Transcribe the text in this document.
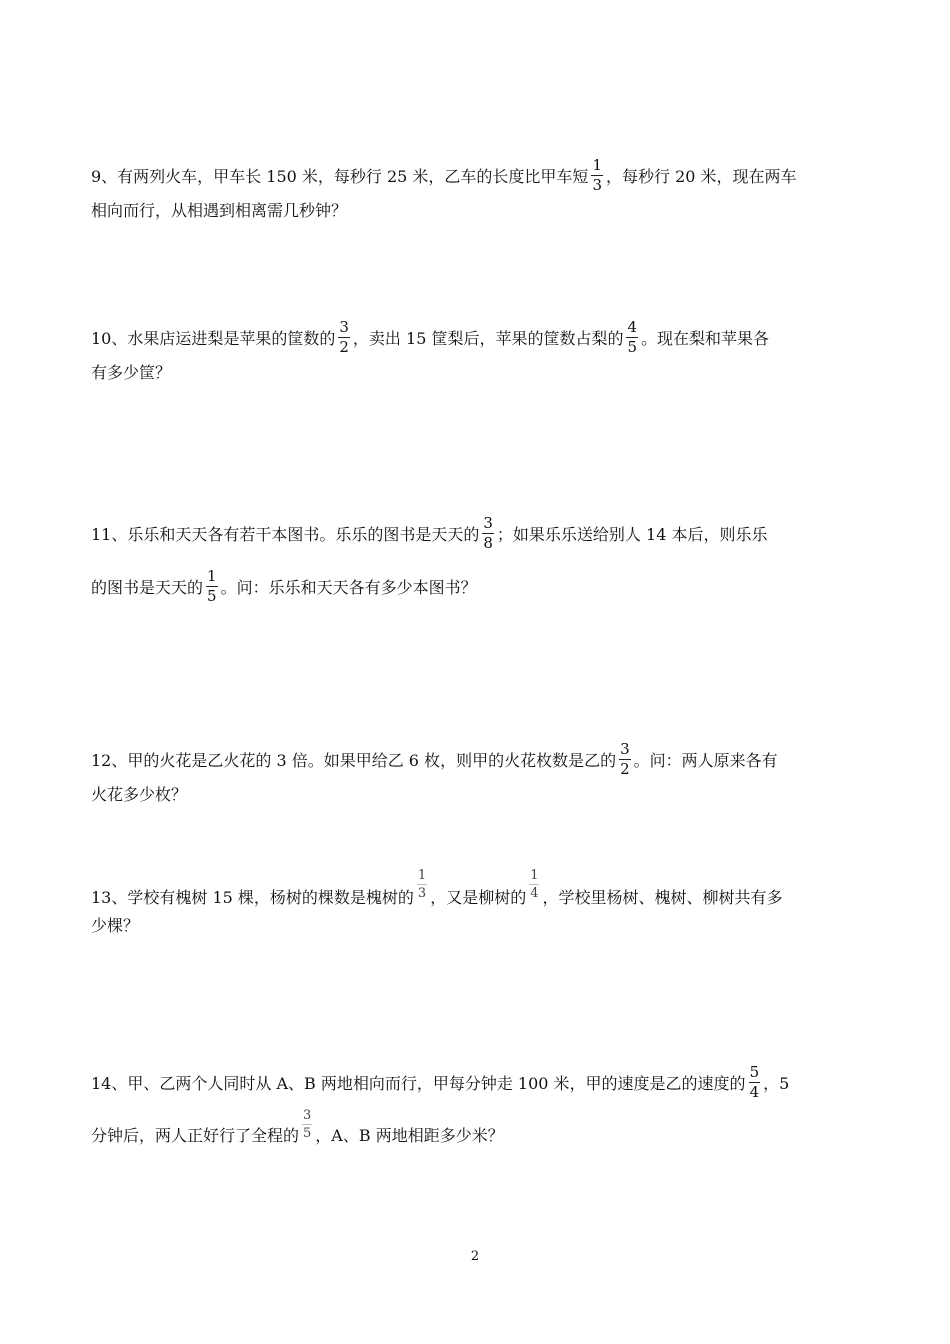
9、有两列火车，甲车长 150 米，每秒行 25 米，乙车的长度比甲车短 $\frac{1}{3}$ ，每秒行 20 米，现在两车
相向而行，从相遇到相离需几秒钟？
10、水果店运进梨是苹果的筐数的 $\frac{3}{2}$ ，卖出 15 筐梨后，苹果的筐数占梨的 $\frac{4}{5}$ 。现在梨和苹果各
有多少筐？
11、乐乐和天天各有若干本图书。乐乐的图书是天天的 $\frac{3}{8}$ ；如果乐乐送给别人 14 本后，则乐乐
的图书是天天的 $\frac{1}{5}$ 。问：乐乐和天天各有多少本图书？
12、甲的火花是乙火花的 3 倍。如果甲给乙 6 枚，则甲的火花枚数是乙的 $\frac{3}{2}$ 。问：两人原来各有
火花多少枚？
13、学校有槐树 15 棵，杨树的棵数是槐树的 $\frac{1}{3}$ ，又是柳树的 $\frac{1}{4}$ ，学校里杨树、槐树、柳树共有多
少棵？
14、甲、乙两个人同时从 A、B 两地相向而行，甲每分钟走 100 米，甲的速度是乙的速度的 $\frac{5}{4}$ ，5
分钟后，两人正好行了全程的 $\frac{3}{5}$ ，A、B 两地相距多少米？
2
